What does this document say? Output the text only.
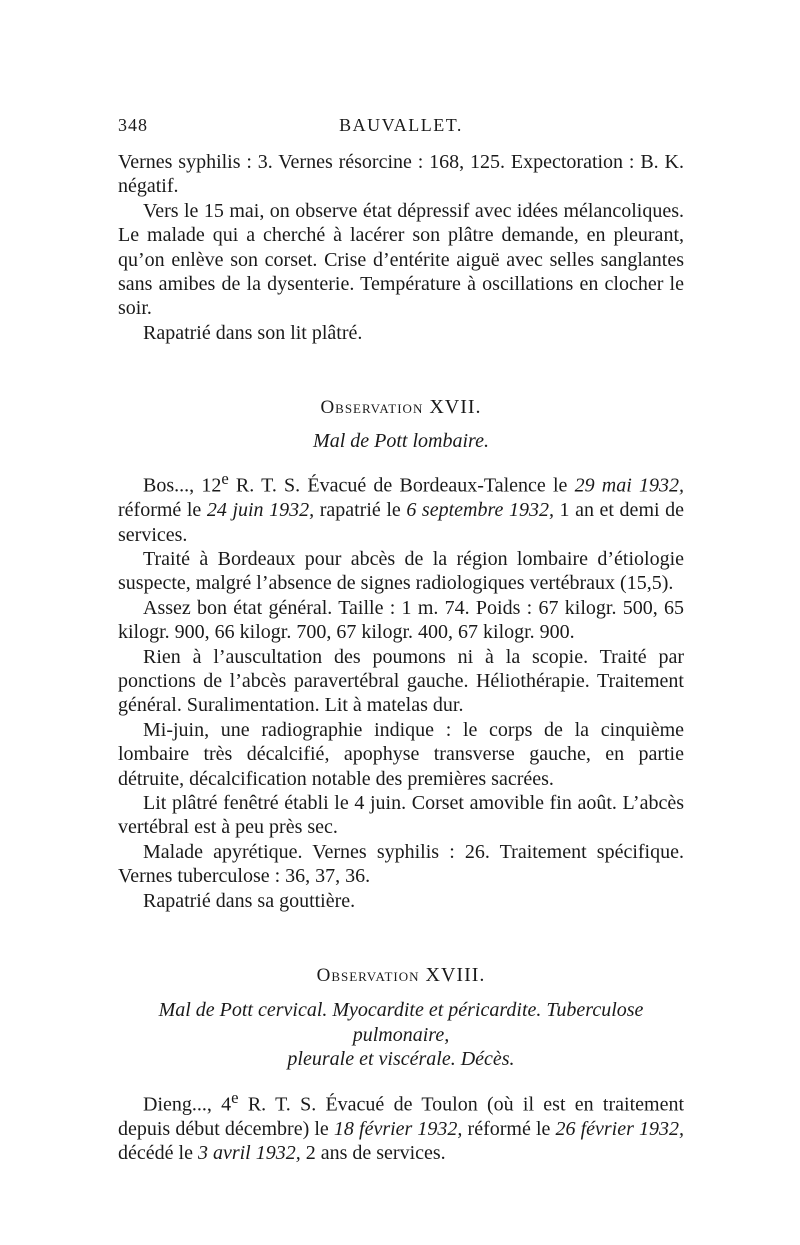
348	BAUVALLET.

Vernes syphilis : 3. Vernes résorcine : 168, 125. Expectoration : B. K. négatif.

Vers le 15 mai, on observe état dépressif avec idées mélancoliques. Le malade qui a cherché à lacérer son plâtre demande, en pleurant, qu’on enlève son corset. Crise d’entérite aiguë avec selles sanglantes sans amibes de la dysenterie. Température à oscillations en clocher le soir.

Rapatrié dans son lit plâtré.

Observation XVII.
Mal de Pott lombaire.

Bos..., 12e R. T. S. Évacué de Bordeaux-Talence le 29 mai 1932, réformé le 24 juin 1932, rapatrié le 6 septembre 1932, 1 an et demi de services.

Traité à Bordeaux pour abcès de la région lombaire d’étiologie suspecte, malgré l’absence de signes radiologiques vertébraux (15,5).

Assez bon état général. Taille : 1 m. 74. Poids : 67 kilogr. 500, 65 kilogr. 900, 66 kilogr. 700, 67 kilogr. 400, 67 kilogr. 900.

Rien à l’auscultation des poumons ni à la scopie. Traité par ponctions de l’abcès paravertébral gauche. Héliothérapie. Traitement général. Suralimentation. Lit à matelas dur.

Mi-juin, une radiographie indique : le corps de la cinquième lombaire très décalcifié, apophyse transverse gauche, en partie détruite, décalcification notable des premières sacrées.

Lit plâtré fenêtré établi le 4 juin. Corset amovible fin août. L’abcès vertébral est à peu près sec.

Malade apyrétique. Vernes syphilis : 26. Traitement spécifique. Vernes tuberculose : 36, 37, 36.

Rapatrié dans sa gouttière.

Observation XVIII.
Mal de Pott cervical. Myocardite et péricardite. Tuberculose pulmonaire,
pleurale et viscérale. Décès.

Dieng..., 4e R. T. S. Évacué de Toulon (où il est en traitement depuis début décembre) le 18 février 1932, réformé le 26 février 1932, décédé le 3 avril 1932, 2 ans de services.
